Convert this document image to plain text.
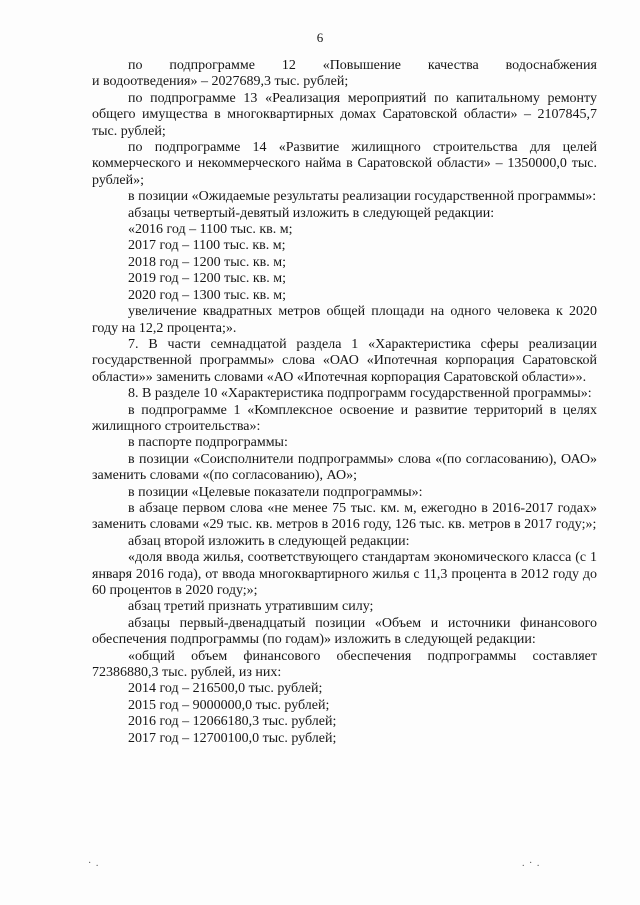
6

по подпрограмме 12 «Повышение качества водоснабжения

и водоотведения» – 2027689,3 тыс. рублей;

по подпрограмме 13 «Реализация мероприятий по капитальному ремонту общего имущества в многоквартирных домах Саратовской области» – 2107845,7 тыс. рублей;

по подпрограмме 14 «Развитие жилищного строительства для целей коммерческого и некоммерческого найма в Саратовской области» – 1350000,0 тыс. рублей»;

в позиции «Ожидаемые результаты реализации государственной программы»:

абзацы четвертый-девятый изложить в следующей редакции:

«2016 год – 1100 тыс. кв. м;

2017 год – 1100 тыс. кв. м;

2018 год – 1200 тыс. кв. м;

2019 год – 1200 тыс. кв. м;

2020 год – 1300 тыс. кв. м;

увеличение квадратных метров общей площади на одного человека к 2020 году на 12,2 процента;».

7. В части семнадцатой раздела 1 «Характеристика сферы реализации государственной программы» слова «ОАО «Ипотечная корпорация Саратовской области»» заменить словами «АО «Ипотечная корпорация Саратовской области»».

8. В разделе 10 «Характеристика подпрограмм государственной программы»:

в подпрограмме 1 «Комплексное освоение и развитие территорий в целях жилищного строительства»:

в паспорте подпрограммы:

в позиции «Соисполнители подпрограммы» слова «(по согласованию), ОАО» заменить словами «(по согласованию), АО»;

в позиции «Целевые показатели подпрограммы»:

в абзаце первом слова «не менее 75 тыс. км. м, ежегодно в 2016-2017 годах» заменить словами «29 тыс. кв. метров в 2016 году, 126 тыс. кв. метров в 2017 году;»;

абзац второй изложить в следующей редакции:

«доля ввода жилья, соответствующего стандартам экономического класса (с 1 января 2016 года), от ввода многоквартирного жилья с 11,3 процента в 2012 году до 60 процентов в 2020 году;»;

абзац третий признать утратившим силу;

абзацы первый-двенадцатый позиции «Объем и источники финансового обеспечения подпрограммы (по годам)» изложить в следующей редакции:

«общий объем финансового обеспечения подпрограммы составляет 72386880,3 тыс. рублей, из них:

2014 год – 216500,0 тыс. рублей;

2015 год – 9000000,0 тыс. рублей;

2016 год – 12066180,3 тыс. рублей;

2017 год – 12700100,0 тыс. рублей;

· .	. · .
